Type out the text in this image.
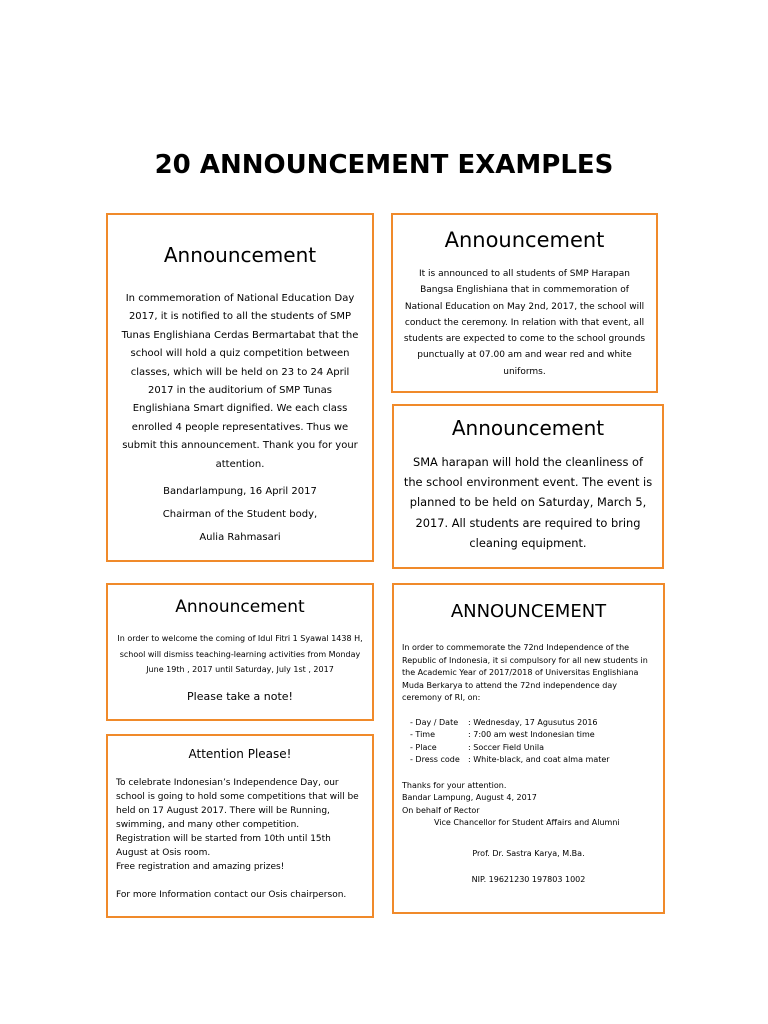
20 ANNOUNCEMENT EXAMPLES
Announcement

In commemoration of National Education Day 2017, it is notified to all the students of SMP Tunas Englishiana Cerdas Bermartabat that the school will hold a quiz competition between classes, which will be held on 23 to 24 April 2017 in the auditorium of SMP Tunas Englishiana Smart dignified. We each class enrolled 4 people representatives. Thus we submit this announcement. Thank you for your attention.

Bandarlampung, 16 April 2017

Chairman of the Student body,

Aulia Rahmasari

Announcement

It is announced to all students of SMP Harapan Bangsa Englishiana that in commemoration of National Education on May 2nd, 2017, the school will conduct the ceremony. In relation with that event, all students are expected to come to the school grounds punctually at 07.00 am and wear red and white uniforms.

Announcement

SMA harapan will hold the cleanliness of the school environment event. The event is planned to be held on Saturday, March 5, 2017. All students are required to bring cleaning equipment.

Announcement

In order to welcome the coming of Idul Fitri 1 Syawal 1438 H, school will dismiss teaching-learning activities from Monday June 19th , 2017 until Saturday, July 1st , 2017

Please take a note!

Attention Please!

To celebrate Indonesian’s Independence Day, our school is going to hold some competitions that will be held on 17 August 2017. There will be Running, swimming, and many other competition.

Registration will be started from 10th until 15th August at Osis room.

Free registration and amazing prizes!

For more Information contact our Osis chairperson.

ANNOUNCEMENT

In order to commemorate the 72nd Independence of the Republic of Indonesia, it si compulsory for all new students in the Academic Year of 2017/2018 of Universitas Englishiana Muda Berkarya to attend the 72nd independence day ceremony of RI, on:

- Day / Date	: Wednesday, 17 Agusutus 2016
- Time	: 7:00 am west Indonesian time
- Place	: Soccer Field Unila
- Dress code	: White-black, and coat alma mater

Thanks for your attention.

Bandar Lampung, August 4, 2017

On behalf of Rector

Vice Chancellor for Student Affairs and Alumni

Prof. Dr. Sastra Karya, M.Ba.

NIP. 19621230 197803 1002
